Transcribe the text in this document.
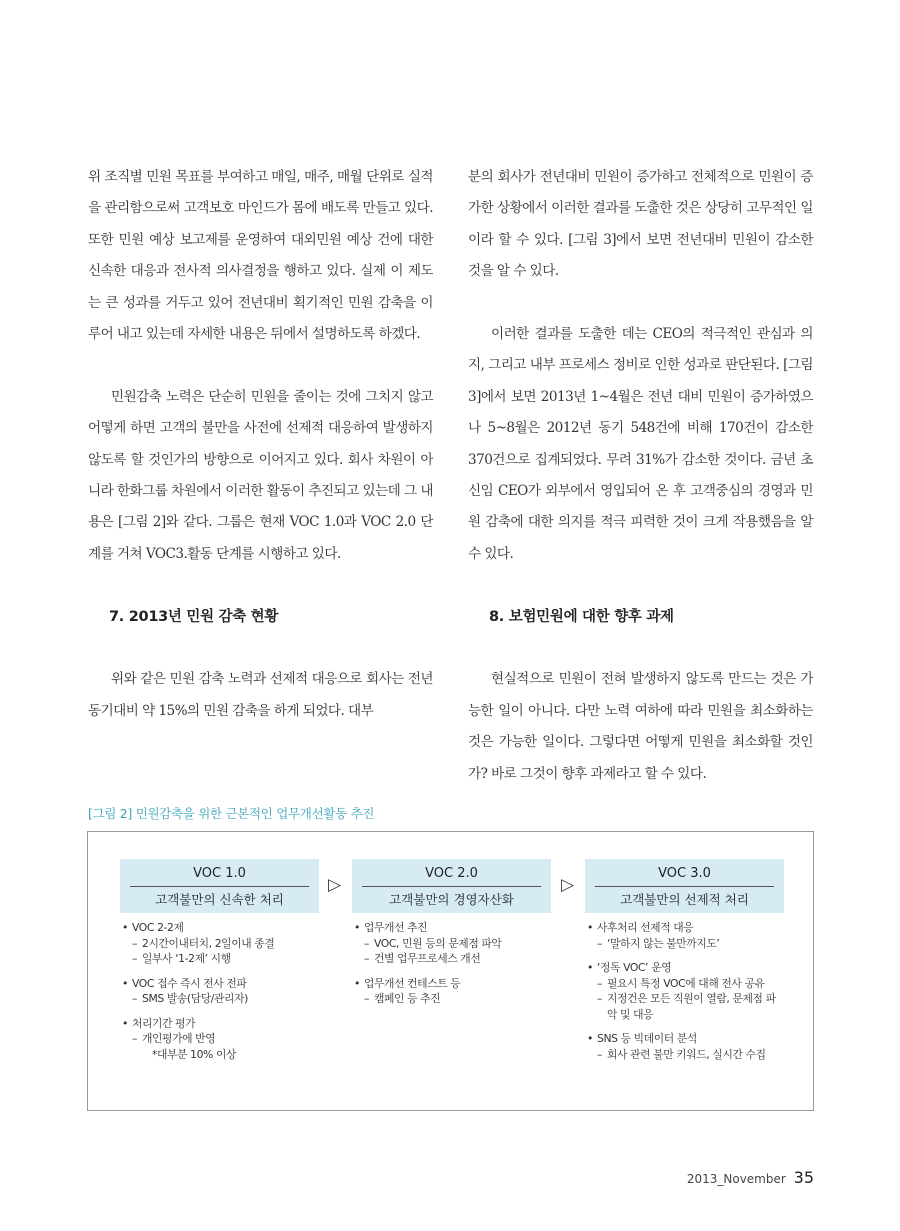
위 조직별 민원 목표를 부여하고 매일, 매주, 매월 단위로 실적을 관리함으로써 고객보호 마인드가 몸에 배도록 만들고 있다. 또한 민원 예상 보고제를 운영하여 대외민원 예상 건에 대한 신속한 대응과 전사적 의사결정을 행하고 있다. 실제 이 제도는 큰 성과를 거두고 있어 전년대비 획기적인 민원 감축을 이루어 내고 있는데 자세한 내용은 뒤에서 설명하도록 하겠다.

민원감축 노력은 단순히 민원을 줄이는 것에 그치지 않고 어떻게 하면 고객의 불만을 사전에 선제적 대응하여 발생하지 않도록 할 것인가의 방향으로 이어지고 있다. 회사 차원이 아니라 한화그룹 차원에서 이러한 활동이 추진되고 있는데 그 내용은 [그림 2]와 같다. 그룹은 현재 VOC 1.0과 VOC 2.0 단계를 거쳐 VOC3.활동 단계를 시행하고 있다.

7. 2013년 민원 감축 현황

위와 같은 민원 감축 노력과 선제적 대응으로 회사는 전년 동기대비 약 15%의 민원 감축을 하게 되었다. 대부

분의 회사가 전년대비 민원이 증가하고 전체적으로 민원이 증가한 상황에서 이러한 결과를 도출한 것은 상당히 고무적인 일이라 할 수 있다. [그림 3]에서 보면 전년대비 민원이 감소한 것을 알 수 있다.

이러한 결과를 도출한 데는 CEO의 적극적인 관심과 의지, 그리고 내부 프로세스 정비로 인한 성과로 판단된다. [그림 3]에서 보면 2013년 1~4월은 전년 대비 민원이 증가하였으나 5~8월은 2012년 동기 548건에 비해 170건이 감소한 370건으로 집계되었다. 무려 31%가 감소한 것이다. 금년 초 신임 CEO가 외부에서 영입되어 온 후 고객중심의 경영과 민원 감축에 대한 의지를 적극 피력한 것이 크게 작용했음을 알 수 있다.

8. 보험민원에 대한 향후 과제

현실적으로 민원이 전혀 발생하지 않도록 만드는 것은 가능한 일이 아니다. 다만 노력 여하에 따라 민원을 최소화하는 것은 가능한 일이다. 그렇다면 어떻게 민원을 최소화할 것인가? 바로 그것이 향후 과제라고 할 수 있다.

[그림 2] 민원감축을 위한 근본적인 업무개선활동 추진
VOC 1.0
고객불만의 신속한 처리
• VOC 2-2제
– 2시간이내터치, 2일이내 종결
– 일부사 ‘1-2제’ 시행
• VOC 접수 즉시 전사 전파
– SMS 발송(담당/관리자)
• 처리기간 평가
– 개인평가에 반영
*대부분 10% 이상
▷
VOC 2.0
고객불만의 경영자산화
• 업무개선 추진
– VOC, 민원 등의 문제점 파악
– 건별 업무프로세스 개선
• 업무개선 컨테스트 등
– 캠페인 등 추진
▷
VOC 3.0
고객불만의 선제적 처리
• 사후처리 선제적 대응
– ‘말하지 않는 불만까지도’
• ‘정독 VOC’ 운영
– 필요시 특정 VOC에 대해 전사 공유
– 지정건은 모든 직원이 열람, 문제점 파악 및 대응
• SNS 등 빅데이터 분석
– 회사 관련 불만 키워드, 실시간 수집
2013_November 35
